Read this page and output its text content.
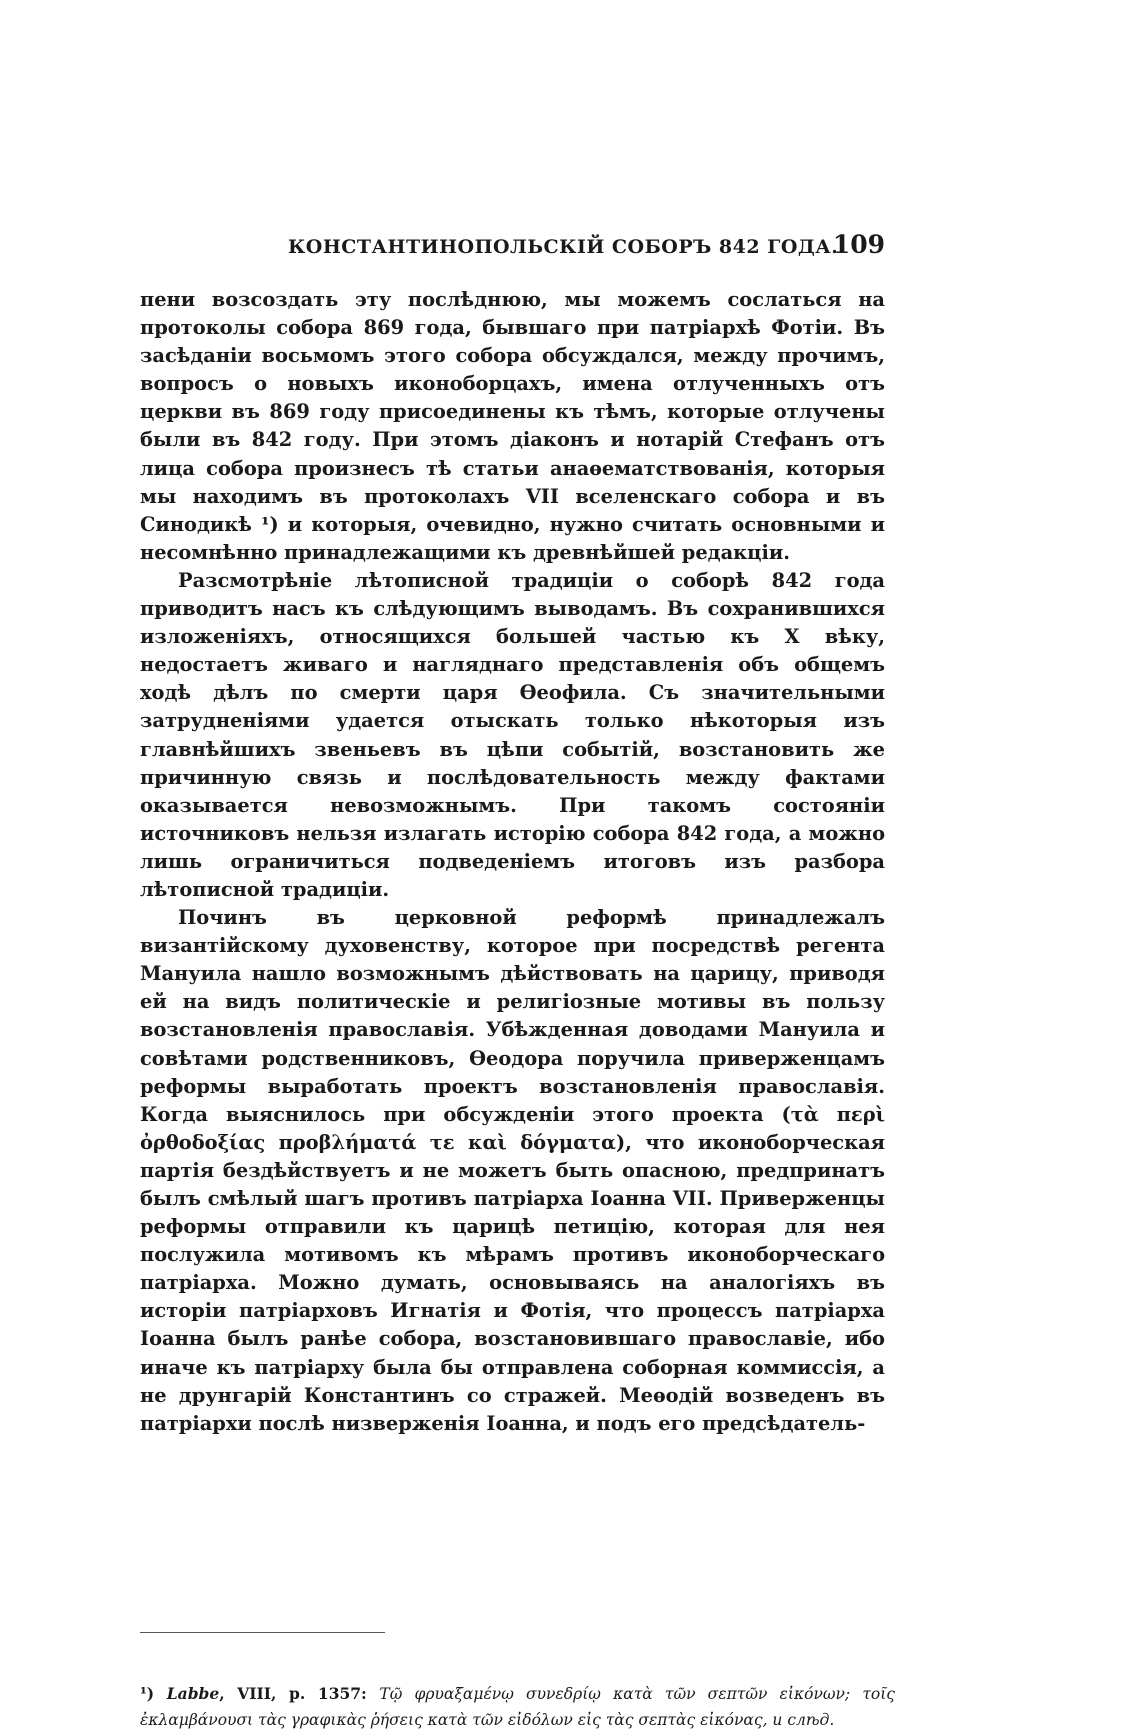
КОНСТАНТИНОПОЛЬСКІЙ СОБОРЪ 842 ГОДА.
109

пени возсоздать эту послѣднюю, мы можемъ сослаться на протоколы собора 869 года, бывшаго при патріархѣ Фотіи. Въ засѣданіи восьмомъ этого собора обсуждался, между прочимъ, вопросъ о новыхъ иконоборцахъ, имена отлученныхъ отъ церкви въ 869 году присоединены къ тѣмъ, которые отлучены были въ 842 году. При этомъ діаконъ и нотарій Стефанъ отъ лица собора произнесъ тѣ статьи анаѳематствованія, которыя мы находимъ въ протоколахъ VII вселенскаго собора и въ Синодикѣ ¹) и которыя, очевидно, нужно считать основными и несомнѣнно принадлежащими къ древнѣйшей редакціи.

Разсмотрѣніе лѣтописной традиціи о соборѣ 842 года приводитъ насъ къ слѣдующимъ выводамъ. Въ сохранившихся изложеніяхъ, относящихся большей частью къ X вѣку, недостаетъ живаго и нагляднаго представленія объ общемъ ходѣ дѣлъ по смерти царя Ѳеофила. Съ значительными затрудненіями удается отыскать только нѣкоторыя изъ главнѣйшихъ звеньевъ въ цѣпи событій, возстановить же причинную связь и послѣдовательность между фактами оказывается невозможнымъ. При такомъ состояніи источниковъ нельзя излагать исторію собора 842 года, а можно лишь ограничиться подведеніемъ итоговъ изъ разбора лѣтописной традиціи.

Починъ въ церковной реформѣ принадлежалъ византійскому духовенству, которое при посредствѣ регента Мануила нашло возможнымъ дѣйствовать на царицу, приводя ей на видъ политическіе и религіозные мотивы въ пользу возстановленія православія. Убѣжденная доводами Мануила и совѣтами родственниковъ, Ѳеодора поручила приверженцамъ реформы выработать проектъ возстановленія православія. Когда выяснилось при обсужденіи этого проекта (τὰ περὶ ὀρθοδοξίας προβλήματά τε καὶ δόγματα), что иконоборческая партія бездѣйствуетъ и не можетъ быть опасною, предпринатъ былъ смѣлый шагъ противъ патріарха Іоанна VII. Приверженцы реформы отправили къ царицѣ петицію, которая для нея послужила мотивомъ къ мѣрамъ противъ иконоборческаго патріарха. Можно думать, основываясь на аналогіяхъ въ исторіи патріарховъ Игнатія и Фотія, что процессъ патріарха Іоанна былъ ранѣе собора, возстановившаго православіе, ибо иначе къ патріарху была бы отправлена соборная коммиссія, а не друнгарій Константинъ со стражей. Меѳодій возведенъ въ патріархи послѣ низверженія Іоанна, и подъ его предсѣдатель-

¹) Labbe, VIII, p. 1357: Τῷ φρυαξαμένῳ συνεδρίῳ κατὰ τῶν σεπτῶν εἰκόνων; τοῖς ἐκλαμβάνουσι τὰς γραφικὰς ῥήσεις κατὰ τῶν εἰδόλων εἰς τὰς σεπτὰς εἰκόνας, и слѣд.
